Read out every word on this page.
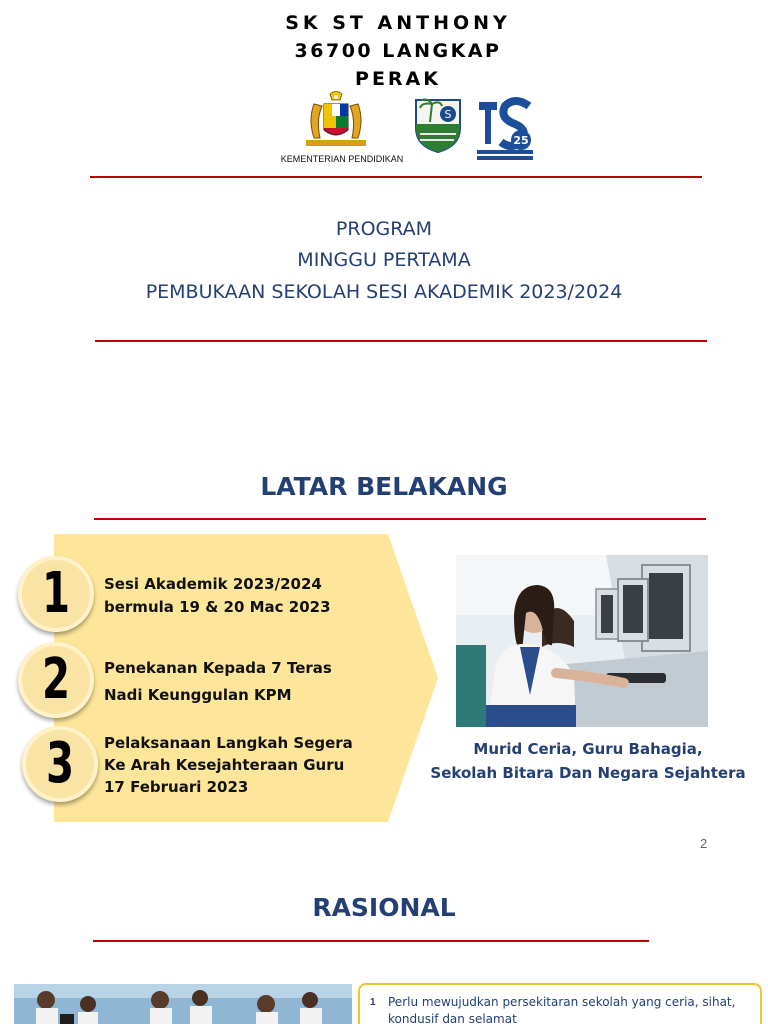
SK ST ANTHONY
36700 LANGKAP
PERAK
KEMENTERIAN PENDIDIKAN
S
25
PROGRAM
MINGGU PERTAMA
PEMBUKAAN SEKOLAH SESI AKADEMIK 2023/2024
LATAR BELAKANG
1	Sesi Akademik 2023/2024
bermula 19 & 20 Mac 2023
2	Penekanan Kepada 7 Teras
Nadi Keunggulan KPM
3	Pelaksanaan Langkah Segera
Ke Arah Kesejahteraan Guru
17 Februari 2023
Murid Ceria, Guru Bahagia,
Sekolah Bitara Dan Negara Sejahtera
2
RASIONAL
1 Perlu mewujudkan persekitaran sekolah yang ceria, sihat,
kondusif dan selamat
